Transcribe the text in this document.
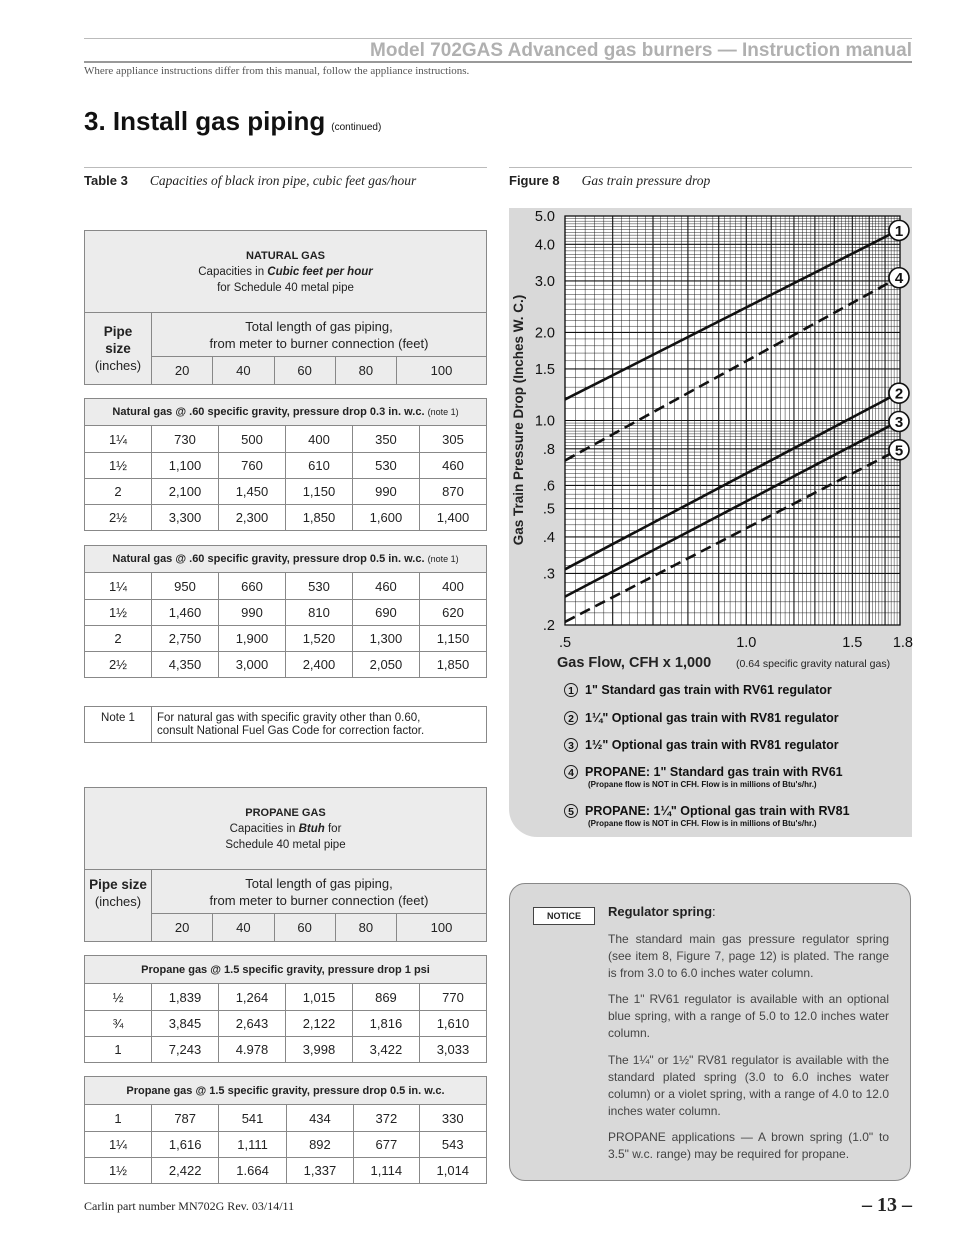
Model 702GAS Advanced gas burners — Instruction manual
Where appliance instructions differ from this manual, follow the appliance instructions.
3. Install gas piping (continued)
Table 3 Capacities of black iron pipe, cubic feet gas/hour
NATURAL GAS
Capacities in Cubic feet per hour
for Schedule 40 metal pipe
Pipe
size
(inches)	Total length of gas piping,
from meter to burner connection (feet)				
	20	40	60	80	100
Natural gas @ .60 specific gravity, pressure drop 0.3 in. w.c. (note 1)					
1¼	730	500	400	350	305
1½	1,100	760	610	530	460
2	2,100	1,450	1,150	990	870
2½	3,300	2,300	1,850	1,600	1,400
Natural gas @ .60 specific gravity, pressure drop 0.5 in. w.c. (note 1)					
1¼	950	660	530	460	400
1½	1,460	990	810	690	620
2	2,750	1,900	1,520	1,300	1,150
2½	4,350	3,000	2,400	2,050	1,850
Note 1	For natural gas with specific gravity other than 0.60,
consult National Fuel Gas Code for correction factor.
PROPANE GAS
Capacities in Btuh for
Schedule 40 metal pipe
Pipe size
(inches)	Total length of gas piping,
from meter to burner connection (feet)				
	20	40	60	80	100
Propane gas @ 1.5 specific gravity, pressure drop 1 psi					
½	1,839	1,264	1,015	869	770
¾	3,845	2,643	2,122	1,816	1,610
1	7,243	4.978	3,998	3,422	3,033
Propane gas @ 1.5 specific gravity, pressure drop 0.5 in. w.c.					
1	787	541	434	372	330
1¼	1,616	1,111	892	677	543
1½	2,422	1.664	1,337	1,114	1,014
Figure 8 Gas train pressure drop
1
4
2
3
5
5.0
4.0
3.0
2.0
1.5
1.0
.8
.6
.5
.4
.3
.2
.5	1.0	1.5 1.8
Gas Train Pressure Drop (Inches W. C.)
Gas Flow, CFH x 1,000 (0.64 specific gravity natural gas)
1 1" Standard gas train with RV61 regulator
2 1¼" Optional gas train with RV81 regulator
3 1½" Optional gas train with RV81 regulator
4 PROPANE: 1" Standard gas train with RV61
(Propane flow is NOT in CFH. Flow is in millions of Btu's/hr.)
5 PROPANE: 1¼" Optional gas train with RV81
(Propane flow is NOT in CFH. Flow is in millions of Btu's/hr.)
NOTICE	Regulator spring:
The standard main gas pressure regulator spring (see item 8, Figure 7, page 12) is plated. The range is from 3.0 to 6.0 inches water column.
The 1" RV61 regulator is available with an optional blue spring, with a range of 5.0 to 12.0 inches water column.
The 1¼" or 1½" RV81 regulator is available with the standard plated spring (3.0 to 6.0 inches water column) or a violet spring, with a range of 4.0 to 12.0 inches water column.
PROPANE applications — A brown spring (1.0" to 3.5" w.c. range) may be required for propane.
Carlin part number MN702G Rev. 03/14/11	– 13 –
